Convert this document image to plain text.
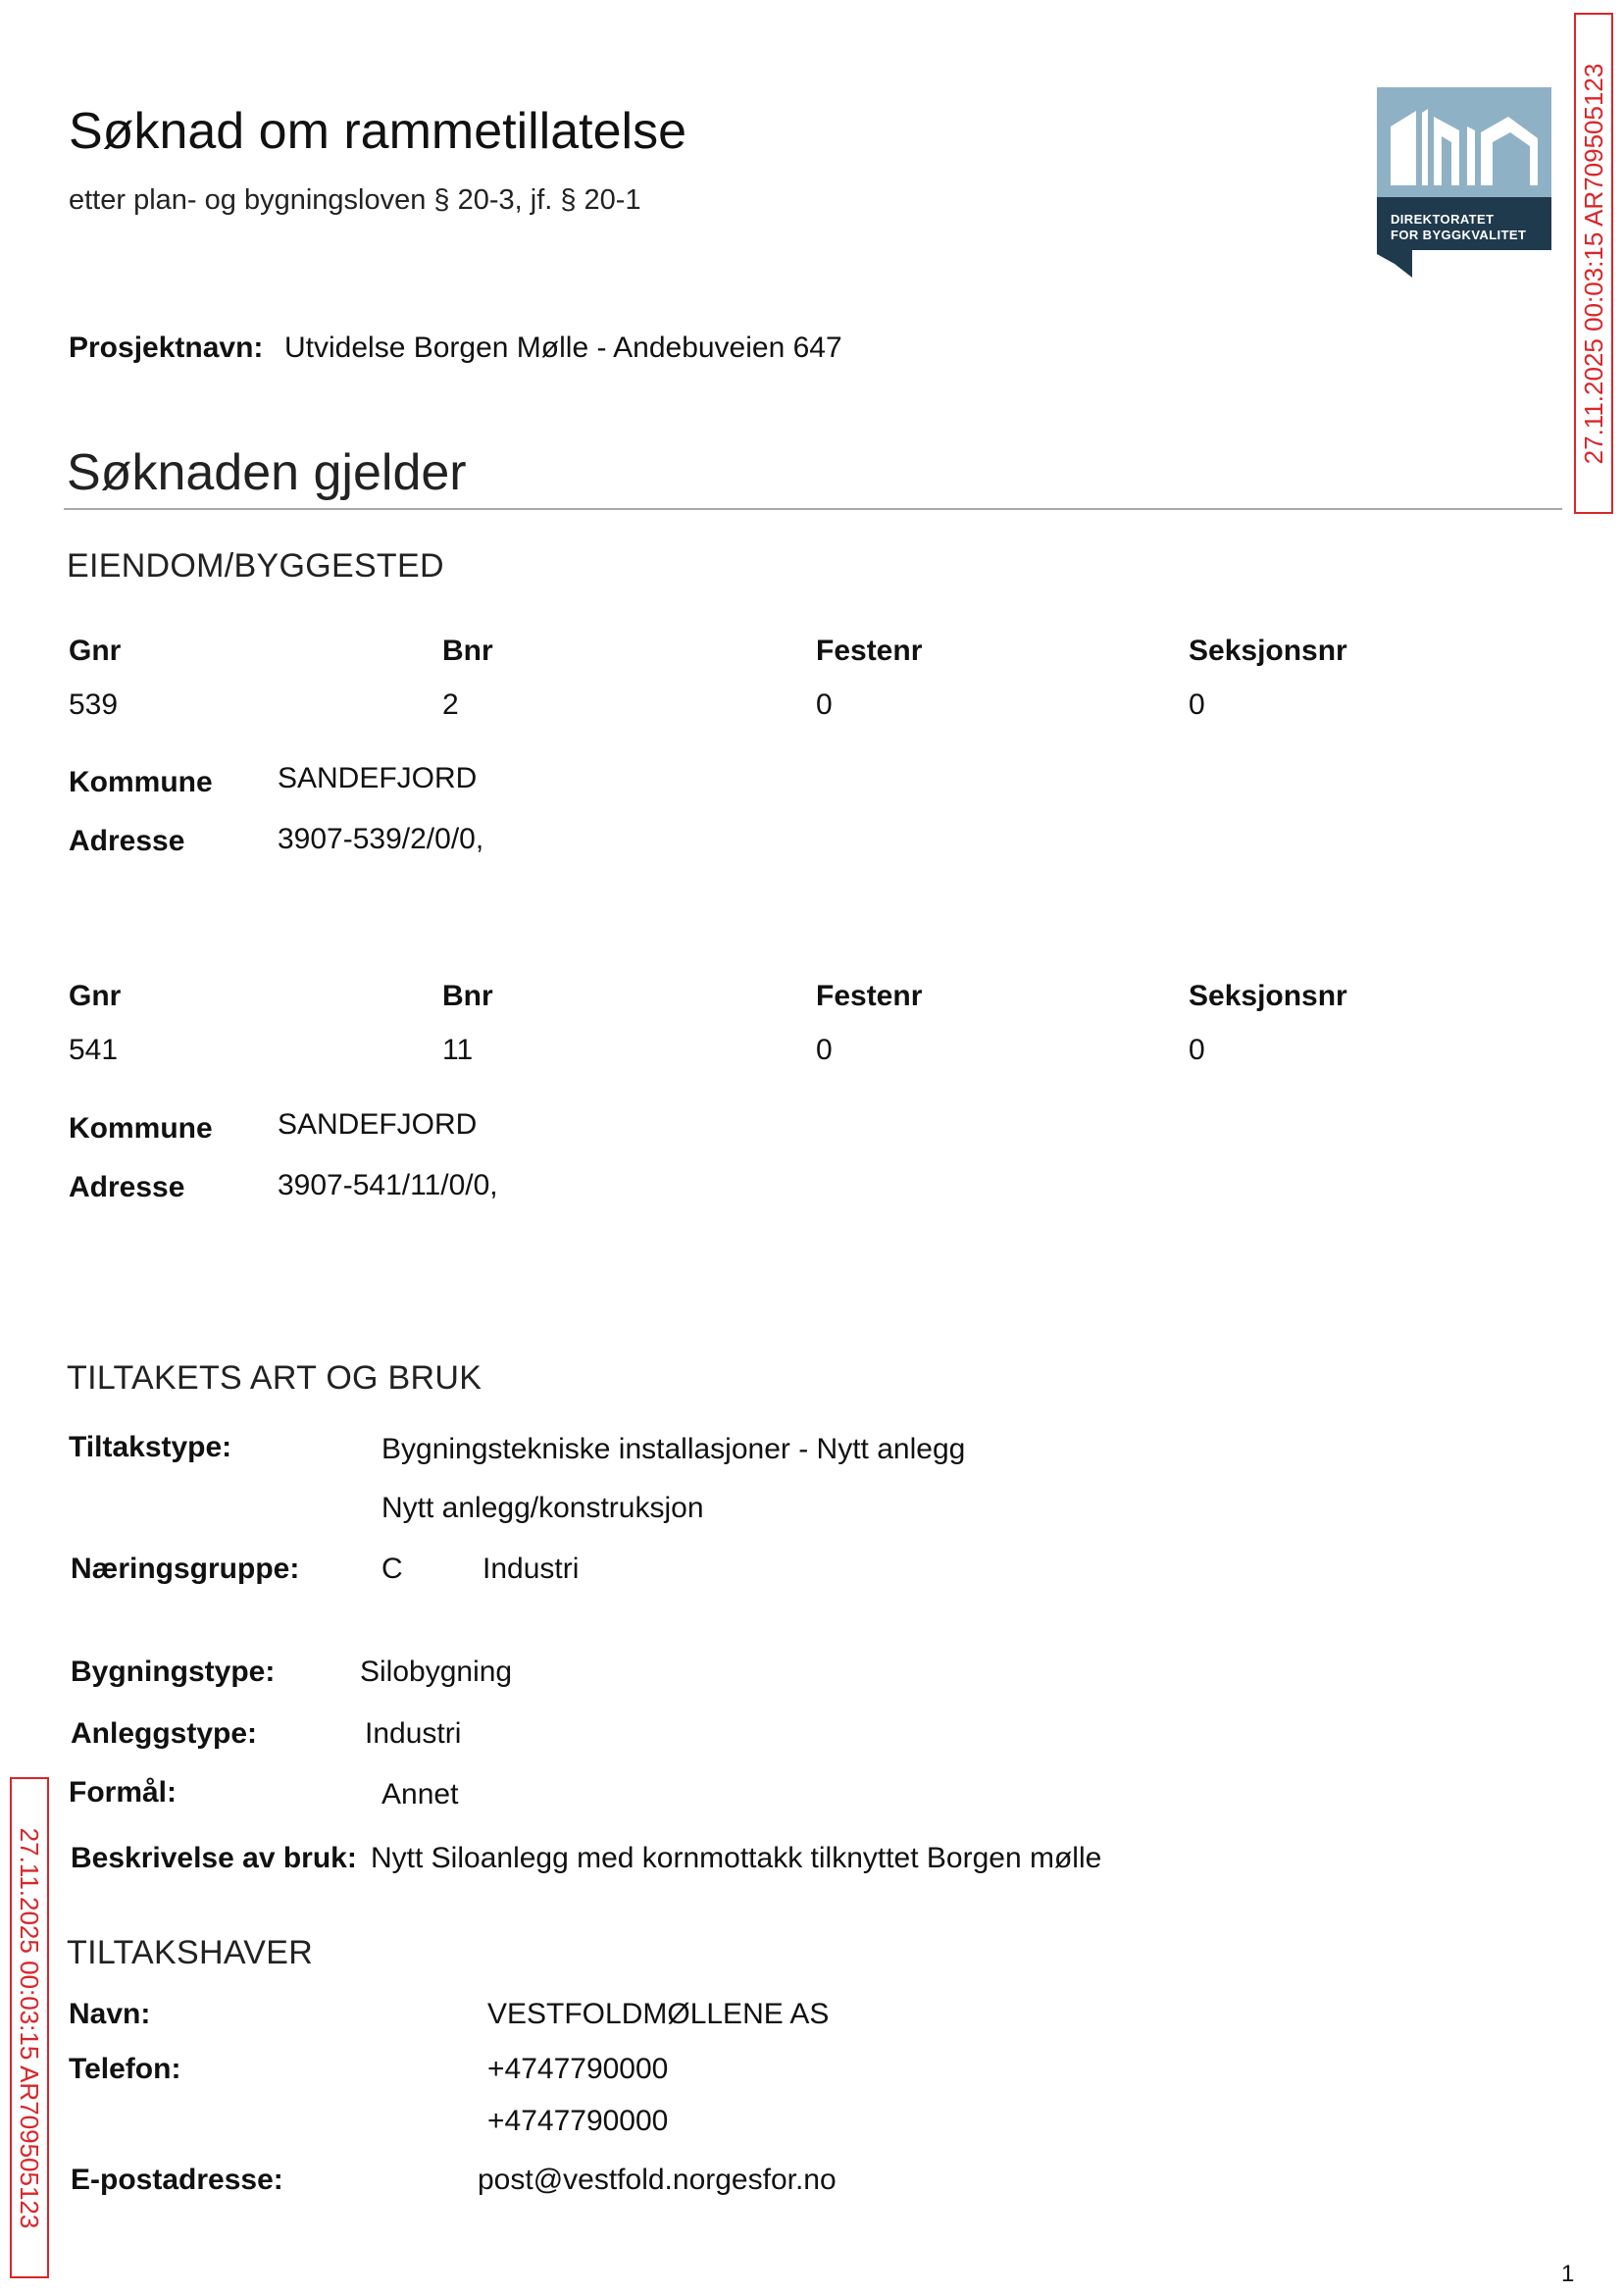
Søknad om rammetillatelse
etter plan- og bygningsloven § 20-3, jf. § 20-1
DIREKTORATET
FOR BYGGKVALITET
Prosjektnavn: Utvidelse Borgen Mølle - Andebuveien 647
Søknaden gjelder
EIENDOM/BYGGESTED
Gnr	Bnr	Festenr	Seksjonsnr
539	2	0	0
Kommune SANDEFJORD
Adresse	3907-539/2/0/0,
Gnr	Bnr	Festenr	Seksjonsnr
541	11	0	0
Kommune SANDEFJORD
Adresse	3907-541/11/0/0,
TILTAKETS ART OG BRUK
Tiltakstype:	Bygningstekniske installasjoner - Nytt anlegg
Nytt anlegg/konstruksjon
Næringsgruppe:	C	Industri
Bygningstype:	Silobygning
Anleggstype:	Industri
Formål:	Annet
Beskrivelse av bruk: Nytt Siloanlegg med kornmottakk tilknyttet Borgen mølle
TILTAKSHAVER
Navn:	VESTFOLDMØLLENE AS
Telefon:	+4747790000
+4747790000
E-postadresse:	post@vestfold.norgesfor.no
1
27.11.2025 00:03:15 AR709505123
27.11.2025 00:03:15 AR709505123
